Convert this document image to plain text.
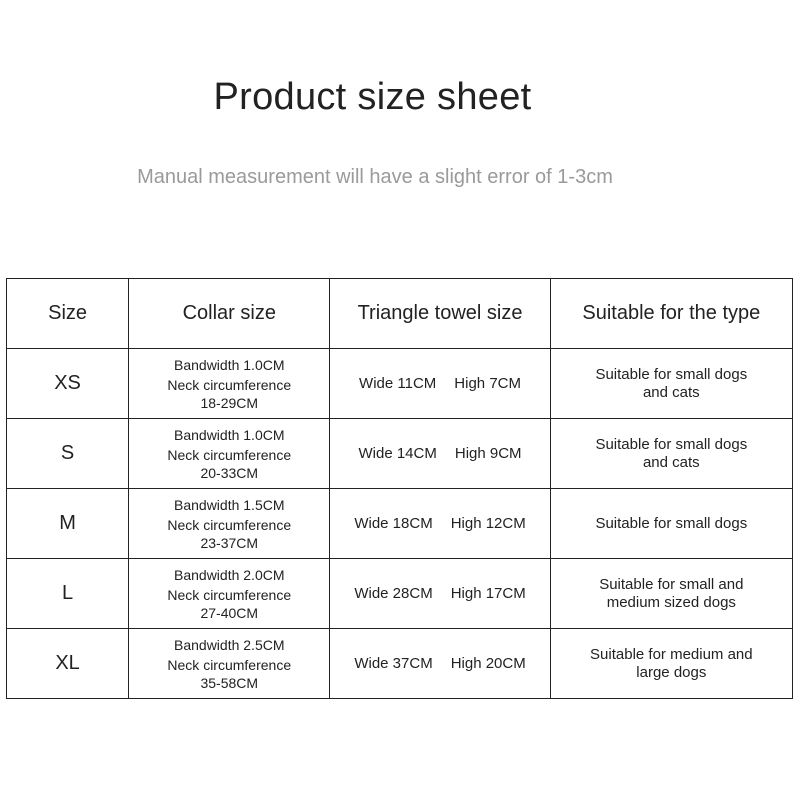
Product size sheet
Manual measurement will have a slight error of 1-3cm
Size	Collar size	Triangle towel size	Suitable for the type
XS	Bandwidth 1.0CM
Neck circumference
18-29CM	Wide 11CM High 7CM	Suitable for small dogs and cats
S	Bandwidth 1.0CM
Neck circumference
20-33CM	Wide 14CM High 9CM	Suitable for small dogs and cats
M	Bandwidth 1.5CM
Neck circumference
23-37CM	Wide 18CM High 12CM	Suitable for small dogs
L	Bandwidth 2.0CM
Neck circumference
27-40CM	Wide 28CM High 17CM	Suitable for small and medium sized dogs
XL	Bandwidth 2.5CM
Neck circumference
35-58CM	Wide 37CM High 20CM	Suitable for medium and large dogs
